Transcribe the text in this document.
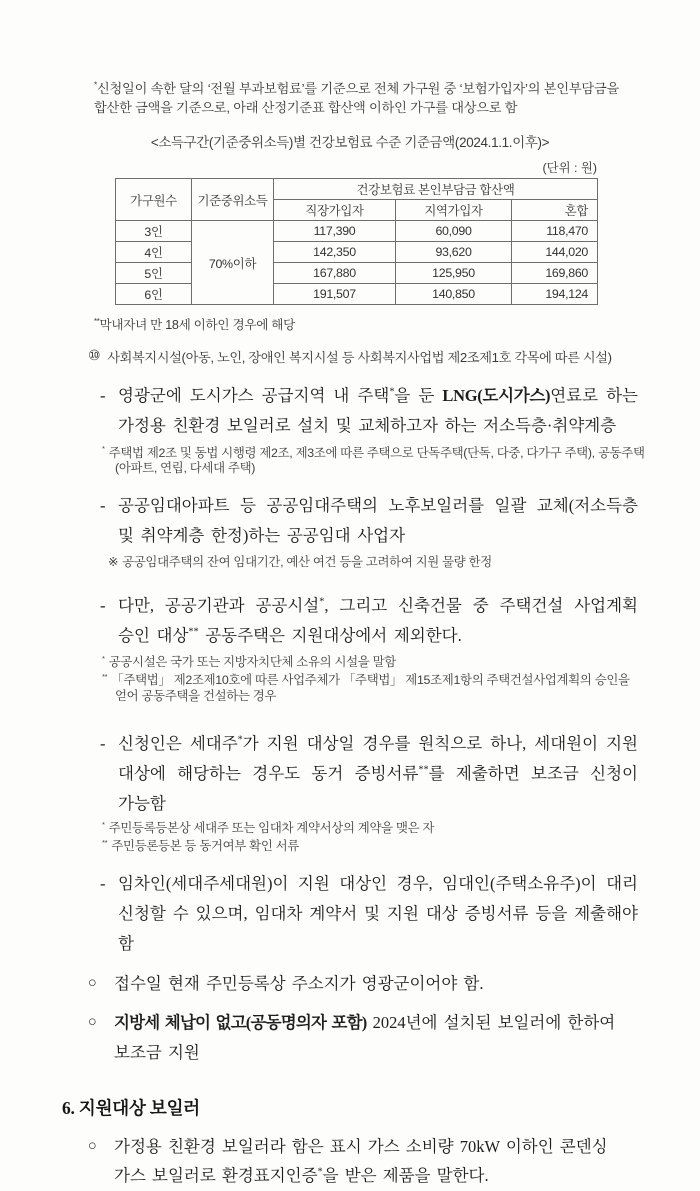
*신청일이 속한 달의 ‘전월 부과보험료’를 기준으로 전체 가구원 중 ‘보험가입자’의 본인부담금을 합산한 금액을 기준으로, 아래 산정기준표 합산액 이하인 가구를 대상으로 함

<소득구간(기준중위소득)별 건강보험료 수준 기준금액(2024.1.1.이후)>
(단위 : 원)
가구원수	기준중위소득	건강보험료 본인부담금 합산액		
		직장가입자	지역가입자	혼합
3인	70%이하	117,390	60,090	118,470
4인		142,350	93,620	144,020
5인		167,880	125,950	169,860
6인		191,507	140,850	194,124
**막내자녀 만 18세 이하인 경우에 해당
⑩ 사회복지시설(아동, 노인, 장애인 복지시설 등 사회복지사업법 제2조제1호 각목에 따른 시설)
- 영광군에 도시가스 공급지역 내 주택*을 둔 LNG(도시가스)연료로 하는 가정용 친환경 보일러로 설치 및 교체하고자 하는 저소득층·취약계층
* 주택법 제2조 및 동법 시행령 제2조, 제3조에 따른 주택으로 단독주택(단독, 다중, 다가구 주택), 공동주택(아파트, 연립, 다세대 주택)
- 공공임대아파트 등 공공임대주택의 노후보일러를 일괄 교체(저소득층 및 취약계층 한정)하는 공공임대 사업자
※ 공공임대주택의 잔여 임대기간, 예산 여건 등을 고려하여 지원 물량 한정
- 다만, 공공기관과 공공시설*, 그리고 신축건물 중 주택건설 사업계획 승인 대상** 공동주택은 지원대상에서 제외한다.
* 공공시설은 국가 또는 지방자치단체 소유의 시설을 말함
** 「주택법」 제2조제10호에 따른 사업주체가 「주택법」 제15조제1항의 주택건설사업계획의 승인을 얻어 공동주택을 건설하는 경우
- 신청인은 세대주*가 지원 대상일 경우를 원칙으로 하나, 세대원이 지원 대상에 해당하는 경우도 동거 증빙서류**를 제출하면 보조금 신청이 가능함
* 주민등록등본상 세대주 또는 임대차 계약서상의 계약을 맺은 자
** 주민등론등본 등 동거여부 확인 서류
- 임차인(세대주세대원)이 지원 대상인 경우, 임대인(주택소유주)이 대리 신청할 수 있으며, 임대차 계약서 및 지원 대상 증빙서류 등을 제출해야 함
○	접수일 현재 주민등록상 주소지가 영광군이어야 함.
○	지방세 체납이 없고(공동명의자 포함) 2024년에 설치된 보일러에 한하여 보조금 지원
6. 지원대상 보일러
○	가정용 친환경 보일러라 함은 표시 가스 소비량 70kW 이하인 콘덴싱 가스 보일러로 환경표지인증*을 받은 제품을 말한다.
